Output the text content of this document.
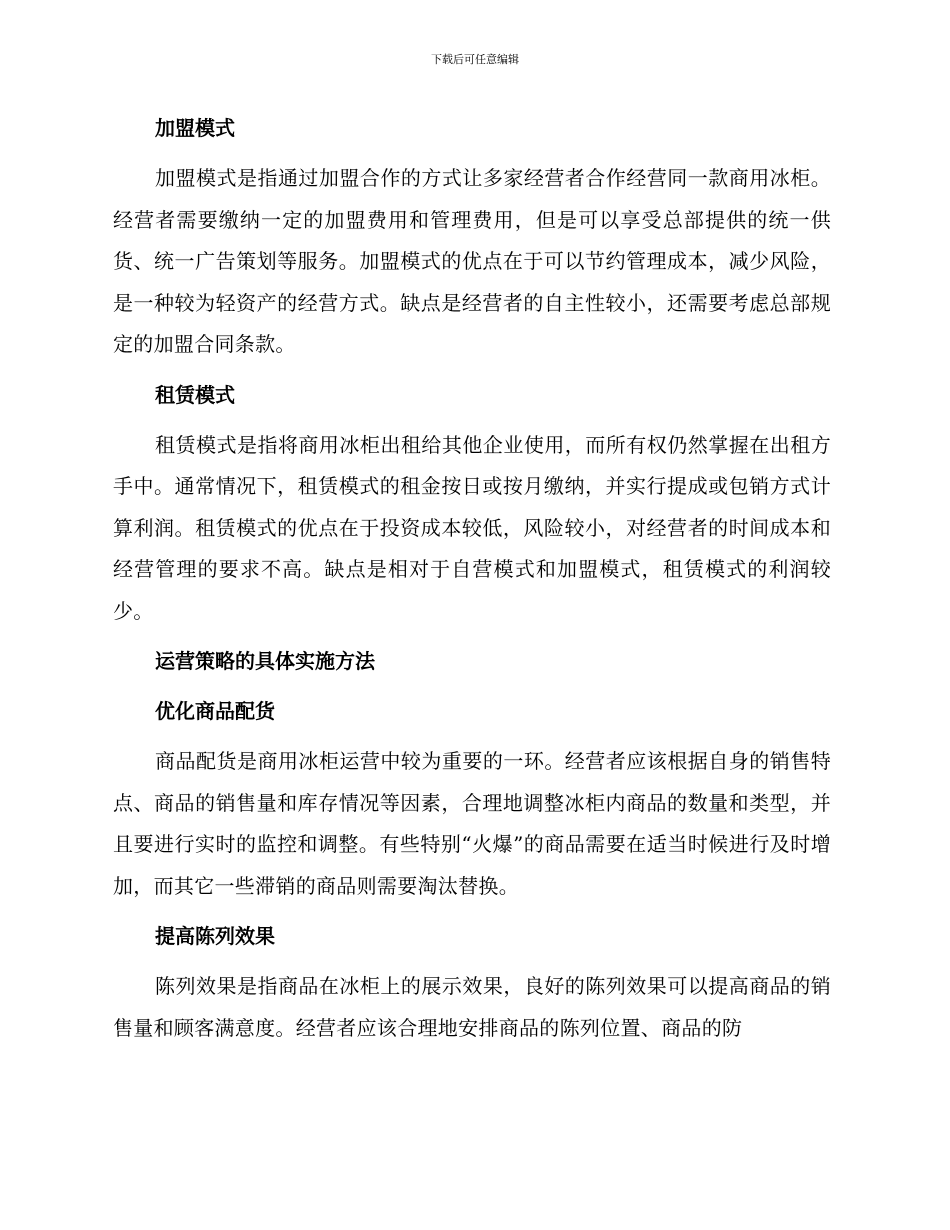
下载后可任意编辑
加盟模式

加盟模式是指通过加盟合作的方式让多家经营者合作经营同一款商用冰柜。经营者需要缴纳一定的加盟费用和管理费用，但是可以享受总部提供的统一供货、统一广告策划等服务。加盟模式的优点在于可以节约管理成本，减少风险，是一种较为轻资产的经营方式。缺点是经营者的自主性较小，还需要考虑总部规定的加盟合同条款。

租赁模式

租赁模式是指将商用冰柜出租给其他企业使用，而所有权仍然掌握在出租方手中。通常情况下，租赁模式的租金按日或按月缴纳，并实行提成或包销方式计算利润。租赁模式的优点在于投资成本较低，风险较小，对经营者的时间成本和经营管理的要求不高。缺点是相对于自营模式和加盟模式，租赁模式的利润较少。

运营策略的具体实施方法
优化商品配货

商品配货是商用冰柜运营中较为重要的一环。经营者应该根据自身的销售特点、商品的销售量和库存情况等因素，合理地调整冰柜内商品的数量和类型，并且要进行实时的监控和调整。有些特别“火爆”的商品需要在适当时候进行及时增加，而其它一些滞销的商品则需要淘汰替换。

提高陈列效果

陈列效果是指商品在冰柜上的展示效果，良好的陈列效果可以提高商品的销售量和顾客满意度。经营者应该合理地安排商品的陈列位置、商品的防
